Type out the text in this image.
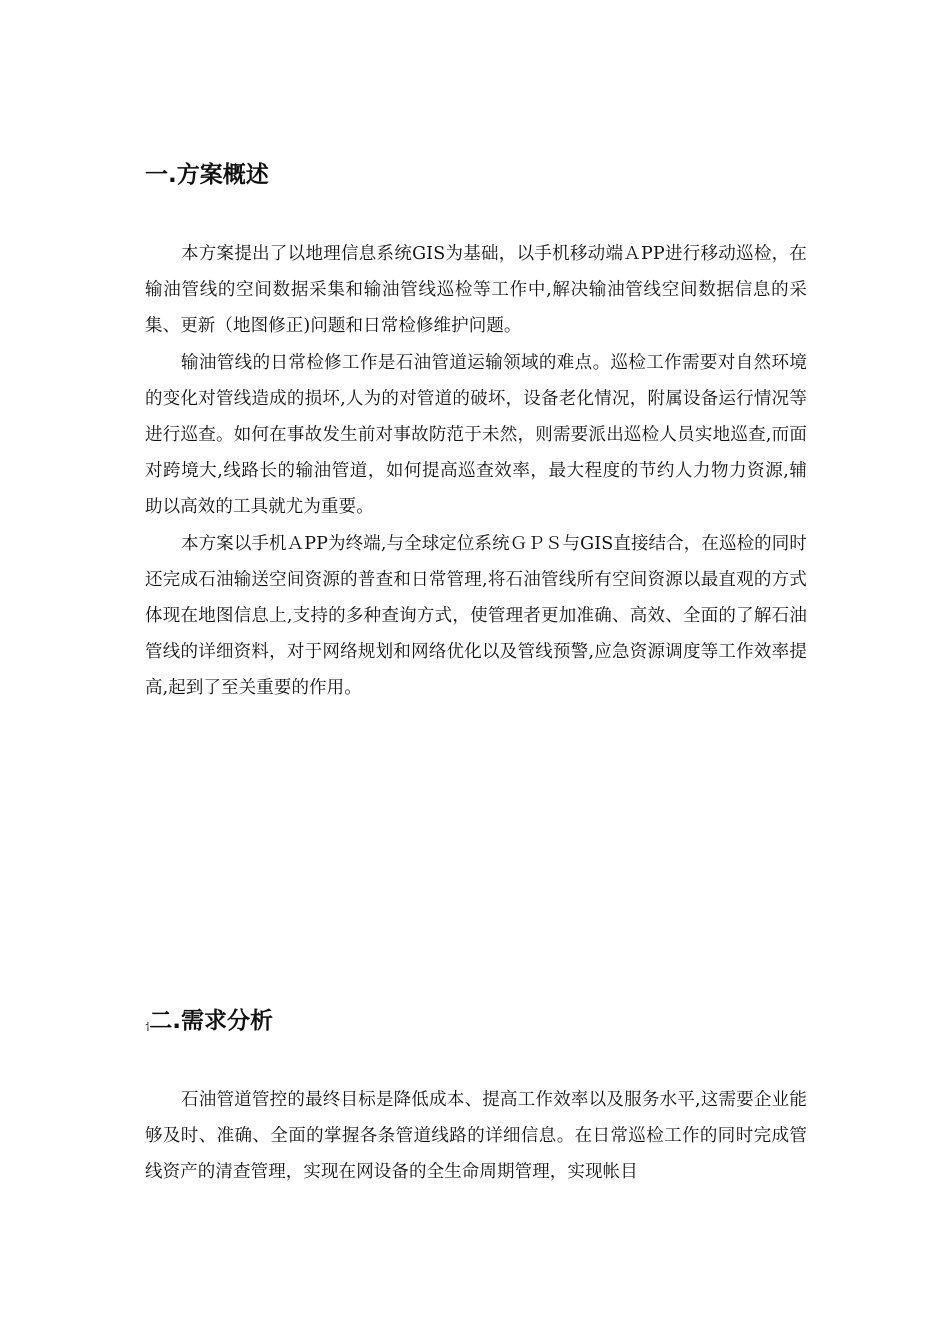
一.方案概述

本方案提出了以地理信息系统GIS为基础，以手机移动端ＡPP进行移动巡检，在输油管线的空间数据采集和输油管线巡检等工作中,解决输油管线空间数据信息的采集、更新（地图修正)问题和日常检修维护问题。

输油管线的日常检修工作是石油管道运输领域的难点。巡检工作需要对自然环境的变化对管线造成的损坏,人为的对管道的破坏，设备老化情况，附属设备运行情况等进行巡查。如何在事故发生前对事故防范于未然，则需要派出巡检人员实地巡查,而面对跨境大,线路长的输油管道，如何提高巡查效率，最大程度的节约人力物力资源,辅助以高效的工具就尤为重要。

本方案以手机ＡPP为终端,与全球定位系统ＧＰＳ与GIS直接结合，在巡检的同时还完成石油输送空间资源的普查和日常管理,将石油管线所有空间资源以最直观的方式体现在地图信息上,支持的多种查询方式，使管理者更加准确、高效、全面的了解石油管线的详细资料，对于网络规划和网络优化以及管线预警,应急资源调度等工作效率提高,起到了至关重要的作用。

⸶二.需求分析

石油管道管控的最终目标是降低成本、提高工作效率以及服务水平,这需要企业能够及时、准确、全面的掌握各条管道线路的详细信息。在日常巡检工作的同时完成管线资产的清查管理，实现在网设备的全生命周期管理，实现帐目
